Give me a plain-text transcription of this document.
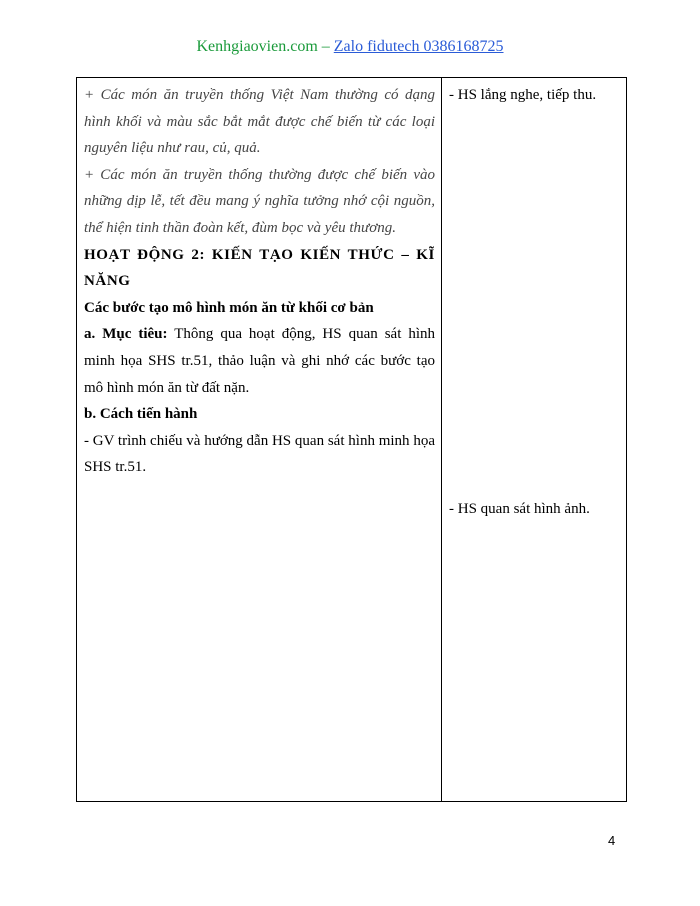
Kenhgiaovien.com – Zalo fidutech 0386168725

+ Các món ăn truyền thống Việt Nam thường có dạng hình khối và màu sắc bắt mắt được chế biến từ các loại nguyên liệu như rau, củ, quả.

+ Các món ăn truyền thống thường được chế biến vào những dịp lễ, tết đều mang ý nghĩa tưởng nhớ cội nguồn, thể hiện tinh thần đoàn kết, đùm bọc và yêu thương.

HOẠT ĐỘNG 2: KIẾN TẠO KIẾN THỨC – KĨ NĂNG

Các bước tạo mô hình món ăn từ khối cơ bản

a. Mục tiêu: Thông qua hoạt động, HS quan sát hình minh họa SHS tr.51, thảo luận và ghi nhớ các bước tạo mô hình món ăn từ đất nặn.

b. Cách tiến hành

- GV trình chiếu và hướng dẫn HS quan sát hình minh họa SHS tr.51.

- HS lắng nghe, tiếp thu.
- HS quan sát hình ảnh.
4
